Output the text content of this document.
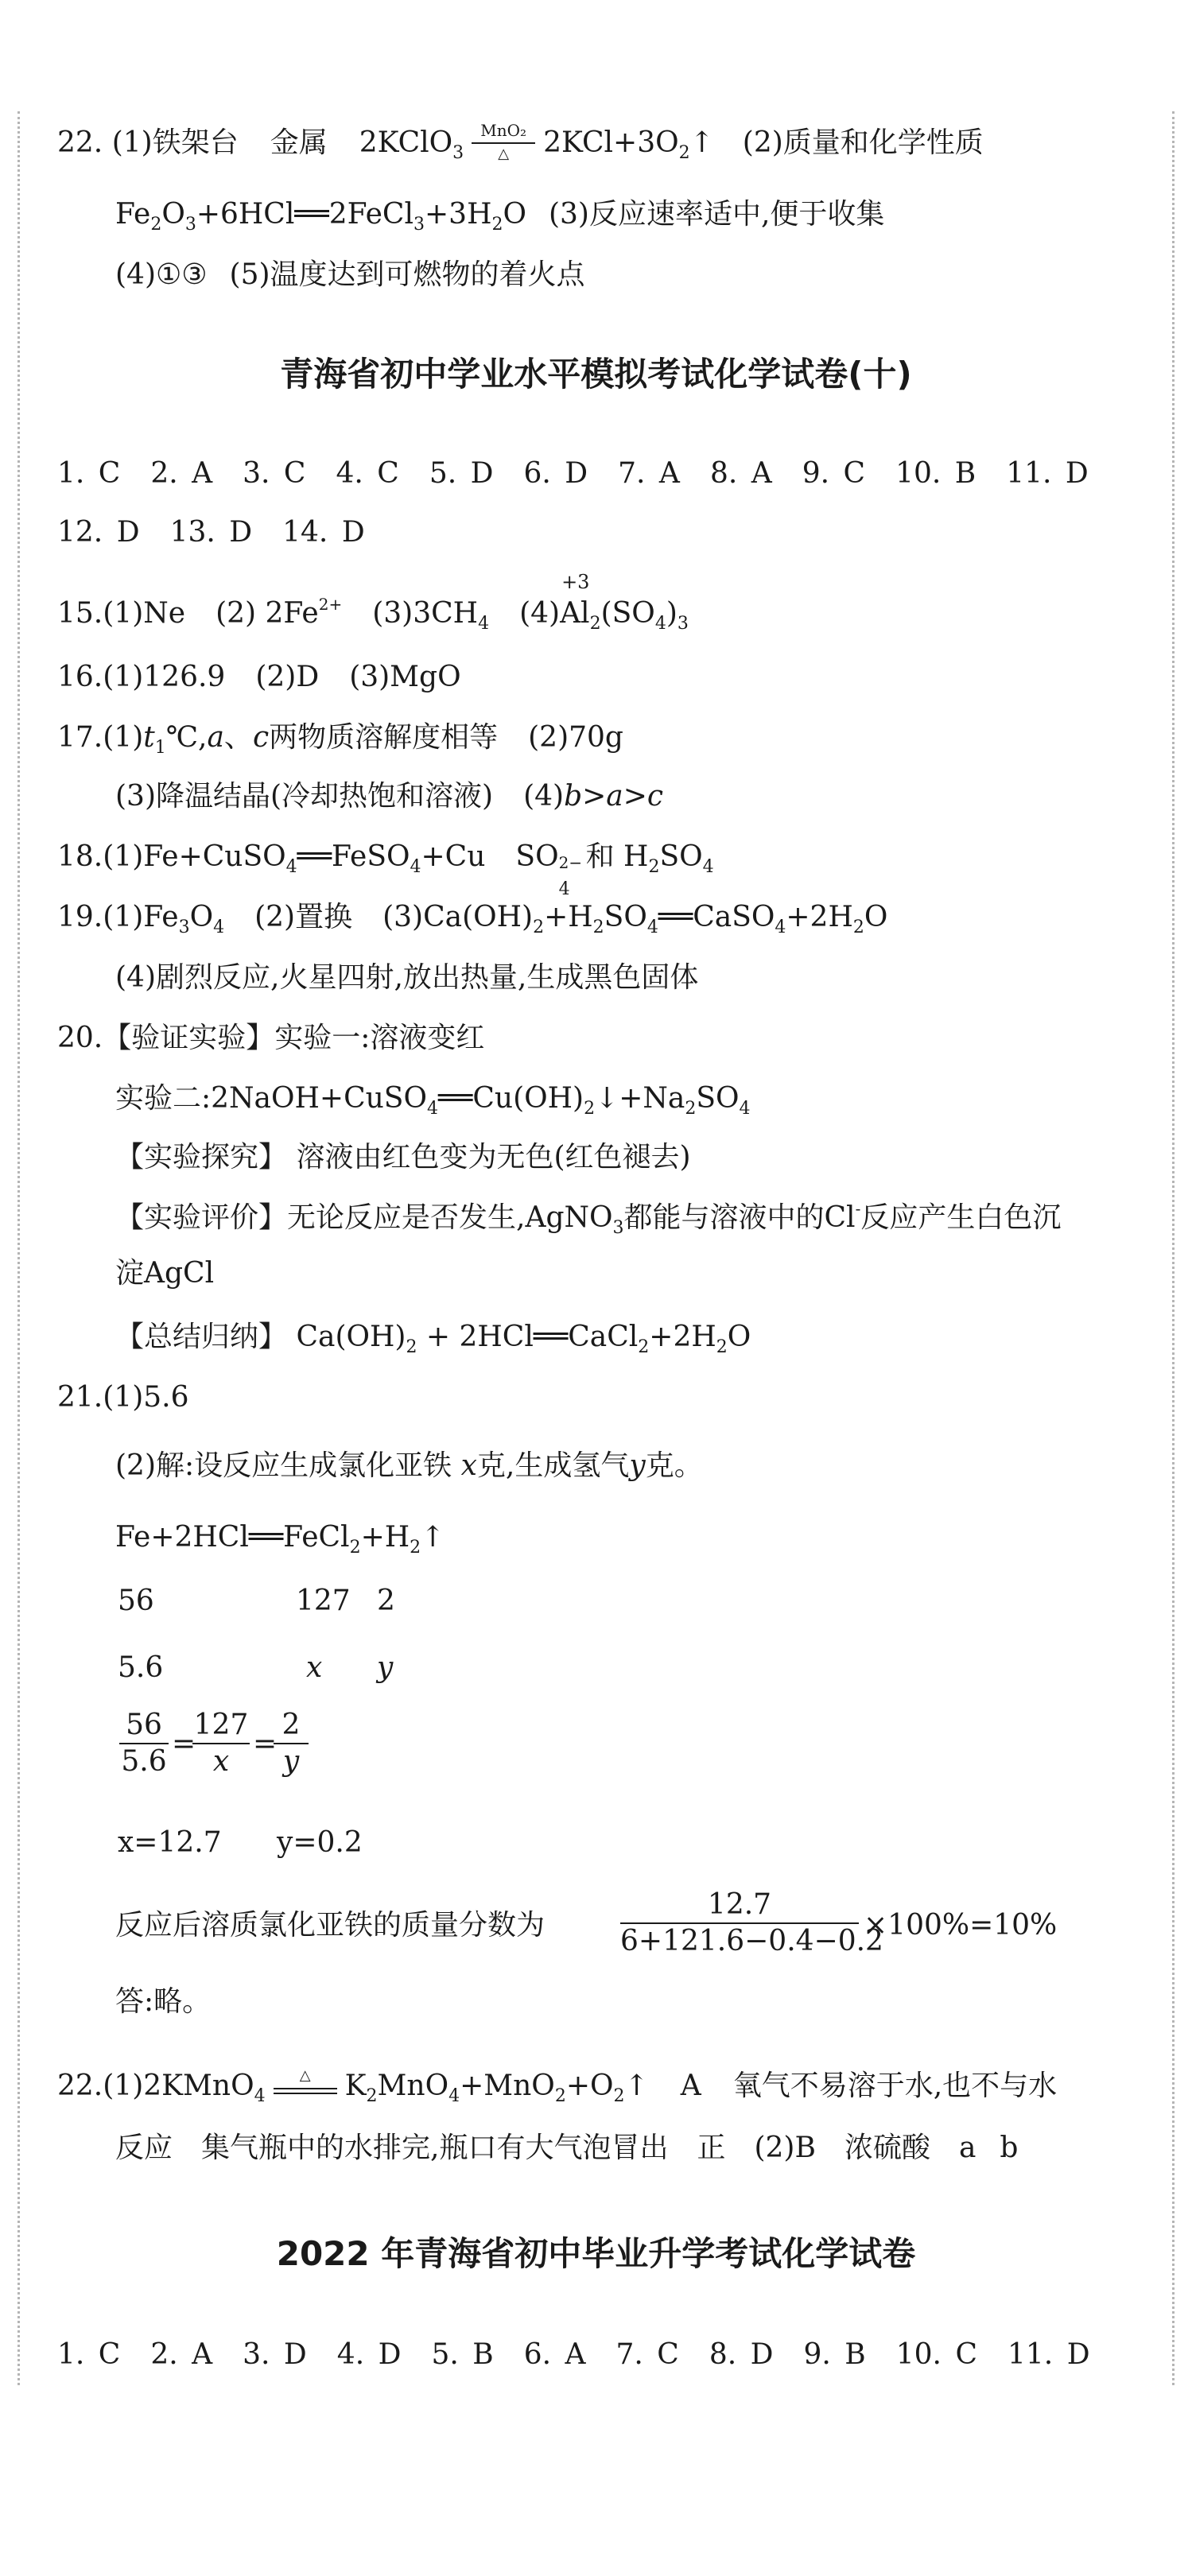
22. (1)铁架台 金属 2KClO$_3$
MnO₂
△	$2KCl+3O_2↑$ (2)质量和化学性质
$Fe_2O_3+6HCl══2FeCl_3+3H_2O$ (3)反应速率适中,便于收集
(4)①③ (5)温度达到可燃物的着火点
青海省初中学业水平模拟考试化学试卷(十)
1. C 2. A 3. C 4. C 5. D 6. D 7. A 8. A 9. C 10. B 11. D
12. D 13. D 14. D
15.(1)Ne (2) $2Fe^{2+}$ $(3)3CH_4$ (4)
+3
$Al_2(SO_4)_3$
16.(1)126.9 (2)D (3)MgO
$17.(1)t_1℃,a$、c两物质溶解度相等 (2)70g
(3)降温结晶(冷却热饱和溶液) (4)b>a>c
18.(1)Fe+CuSO$_4$══FeSO$_4$+Cu SO 2−
4
和 $H_2SO_4$
$19.(1)Fe_3O_4$ (2)置换 $(3)Ca(OH)_2+H_2SO_4══CaSO_4+2H_2O$
(4)剧烈反应,火星四射,放出热量,生成黑色固体
20.【验证实验】实验一:溶液变红
实验二$:2NaOH+CuSO_4══Cu(OH)_2↓+Na_2SO_4$
【实验探究】 溶液由红色变为无色(红色褪去)
【实验评价】无论反应是否发生,AgNO$_3$都能与溶液中的Cl-反应产生白色沉
淀AgCl
【总结归纳】 $Ca(OH)_2$ + $2HCl══CaCl_2+2H_2O$
21.(1)5.6
(2)解:设反应生成氯化亚铁 x克,生成氢气y克。
$Fe+2HCl══FeCl_2+H_2↑$
56	127 2
5.6	x y
56
5.6
=
127
x
=
2
y
x=12.7 y=0.2
反应后溶质氯化亚铁的质量分数为
12.7
6+121.6−0.4−0.2
×100%=10%
答:略。
22.(1)2KMnO$_4$
△	$K_2MnO_4+MnO_2+O_2↑$ A 氧气不易溶于水,也不与水
反应 集气瓶中的水排完,瓶口有大气泡冒出 正 (2)B 浓硫酸 a b
2022 年青海省初中毕业升学考试化学试卷
1. C 2. A 3. D 4. D 5. B 6. A 7. C 8. D 9. B 10. C 11. D
